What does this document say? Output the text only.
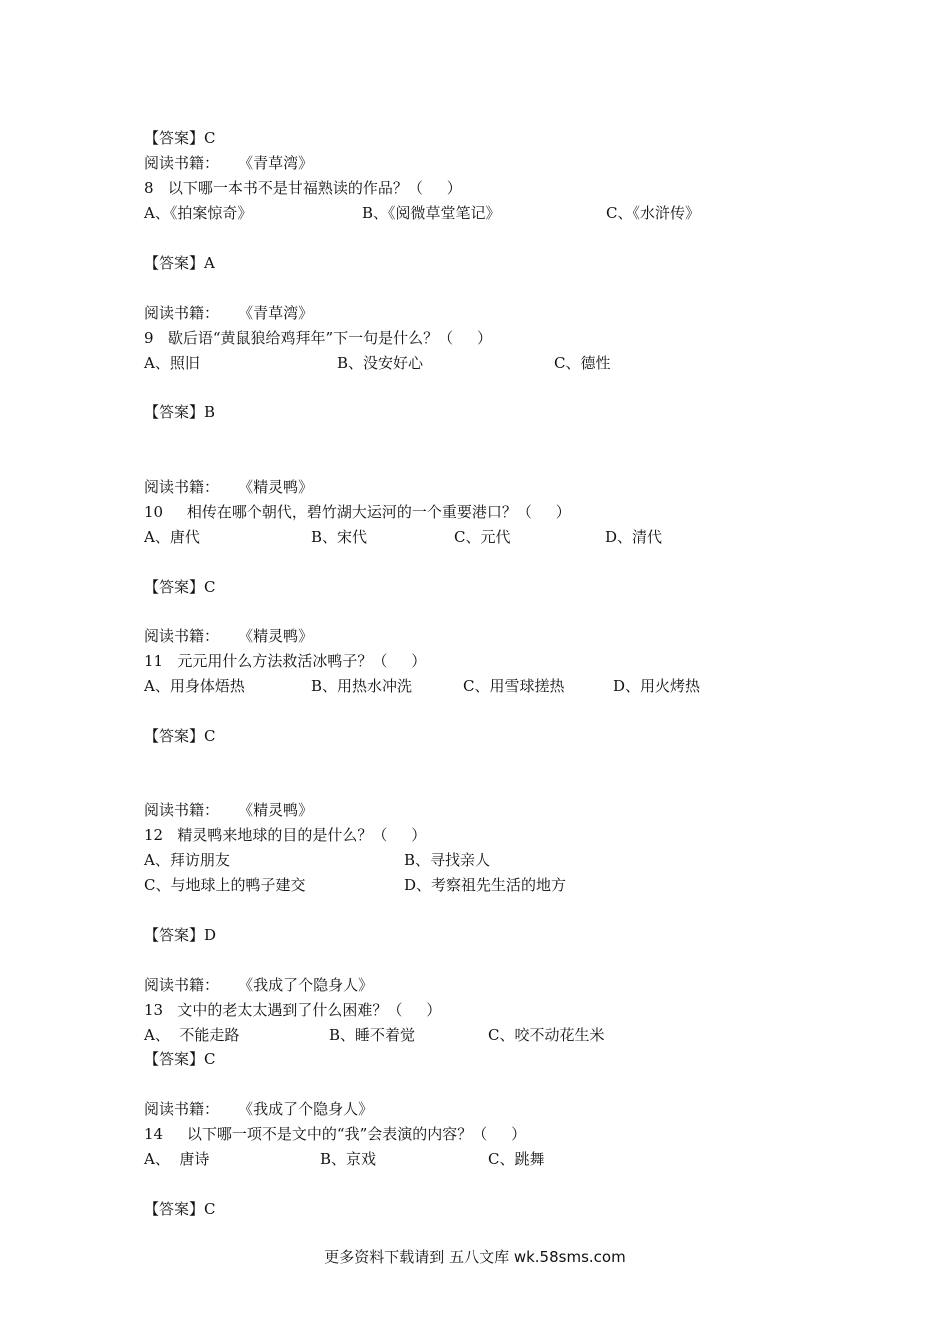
【答案】C
阅读书籍：    《青草湾》
8   以下哪一本书不是甘福熟读的作品？（     ）
A、《拍案惊奇》	B、《阅微草堂笔记》	C、《水浒传》
【答案】A
阅读书籍：    《青草湾》
9   歇后语“黄鼠狼给鸡拜年”下一句是什么？（     ）
A、照旧	B、没安好心	C、德性
【答案】B
阅读书籍：    《精灵鸭》
10     相传在哪个朝代，碧竹湖大运河的一个重要港口？（     ）
A、唐代	B、宋代	C、元代	D、清代
【答案】C
阅读书籍：    《精灵鸭》
11   元元用什么方法救活冰鸭子？（     ）
A、用身体焐热	B、用热水冲洗	C、用雪球搓热	D、用火烤热
【答案】C
阅读书籍：    《精灵鸭》
12   精灵鸭来地球的目的是什么？（     ）
A、拜访朋友	B、寻找亲人
C、与地球上的鸭子建交	D、考察祖先生活的地方
【答案】D
阅读书籍：    《我成了个隐身人》
13   文中的老太太遇到了什么困难？（     ）
A、  不能走路	B、睡不着觉	C、咬不动花生米
【答案】C
阅读书籍：    《我成了个隐身人》
14     以下哪一项不是文中的“我”会表演的内容？（     ）
A、  唐诗	B、京戏	C、跳舞
【答案】C
更多资料下载请到 五八文库 wk.58sms.com
